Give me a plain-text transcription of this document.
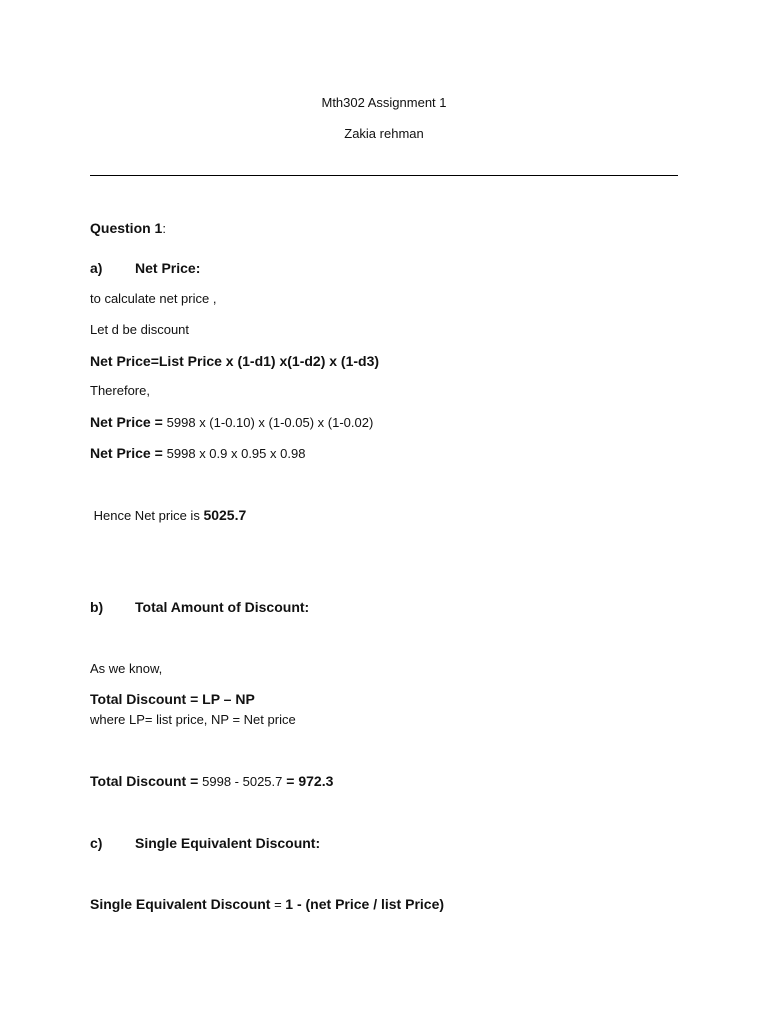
Mth302 Assignment 1
Zakia rehman
Question 1:
a) Net Price:
to calculate net price ,
Let d be discount
Net Price=List Price x (1-d1) x(1-d2) x (1-d3)
Therefore,
Net Price = 5998 x (1-0.10) x (1-0.05) x (1-0.02)
Net Price = 5998 x 0.9 x 0.95 x 0.98
Hence Net price is 5025.7
b) Total Amount of Discount:
As we know,
Total Discount = LP – NP
where LP= list price, NP = Net price
Total Discount = 5998 - 5025.7 = 972.3
c) Single Equivalent Discount:
Single Equivalent Discount = 1 - (net Price / list Price)
